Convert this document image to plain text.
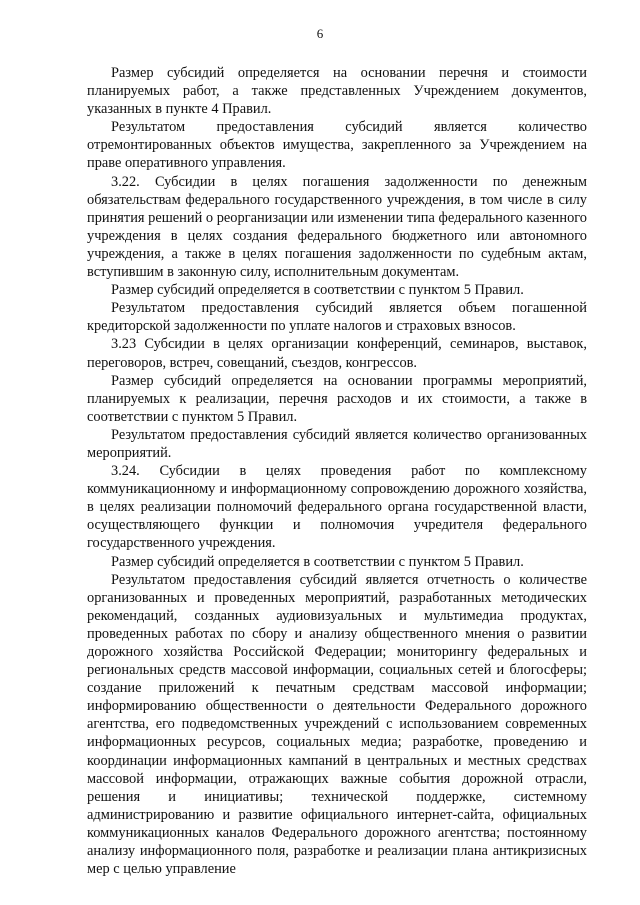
6

Размер субсидий определяется на основании перечня и стоимости планируемых работ, а также представленных Учреждением документов, указанных в пункте 4 Правил.

Результатом предоставления субсидий является количество отремонтированных объектов имущества, закрепленного за Учреждением на праве оперативного управления.

3.22. Субсидии в целях погашения задолженности по денежным обязательствам федерального государственного учреждения, в том числе в силу принятия решений о реорганизации или изменении типа федерального казенного учреждения в целях создания федерального бюджетного или автономного учреждения, а также в целях погашения задолженности по судебным актам, вступившим в законную силу, исполнительным документам.

Размер субсидий определяется в соответствии с пунктом 5 Правил.

Результатом предоставления субсидий является объем погашенной кредиторской задолженности по уплате налогов и страховых взносов.

3.23 Субсидии в целях организации конференций, семинаров, выставок, переговоров, встреч, совещаний, съездов, конгрессов.

Размер субсидий определяется на основании программы мероприятий, планируемых к реализации, перечня расходов и их стоимости, а также в соответствии с пунктом 5 Правил.

Результатом предоставления субсидий является количество организованных мероприятий.

3.24. Субсидии в целях проведения работ по комплексному коммуникационному и информационному сопровождению дорожного хозяйства, в целях реализации полномочий федерального органа государственной власти, осуществляющего функции и полномочия учредителя федерального государственного учреждения.

Размер субсидий определяется в соответствии с пунктом 5 Правил.

Результатом предоставления субсидий является отчетность о количестве организованных и проведенных мероприятий, разработанных методических рекомендаций, созданных аудиовизуальных и мультимедиа продуктах, проведенных работах по сбору и анализу общественного мнения о развитии дорожного хозяйства Российской Федерации; мониторингу федеральных и региональных средств массовой информации, социальных сетей и блогосферы; создание приложений к печатным средствам массовой информации; информированию общественности о деятельности Федерального дорожного агентства, его подведомственных учреждений с использованием современных информационных ресурсов, социальных медиа; разработке, проведению и координации информационных кампаний в центральных и местных средствах массовой информации, отражающих важные события дорожной отрасли, решения и инициативы; технической поддержке, системному администрированию и развитие официального интернет-сайта, официальных коммуникационных каналов Федерального дорожного агентства; постоянному анализу информационного поля, разработке и реализации плана антикризисных мер с целью управление
